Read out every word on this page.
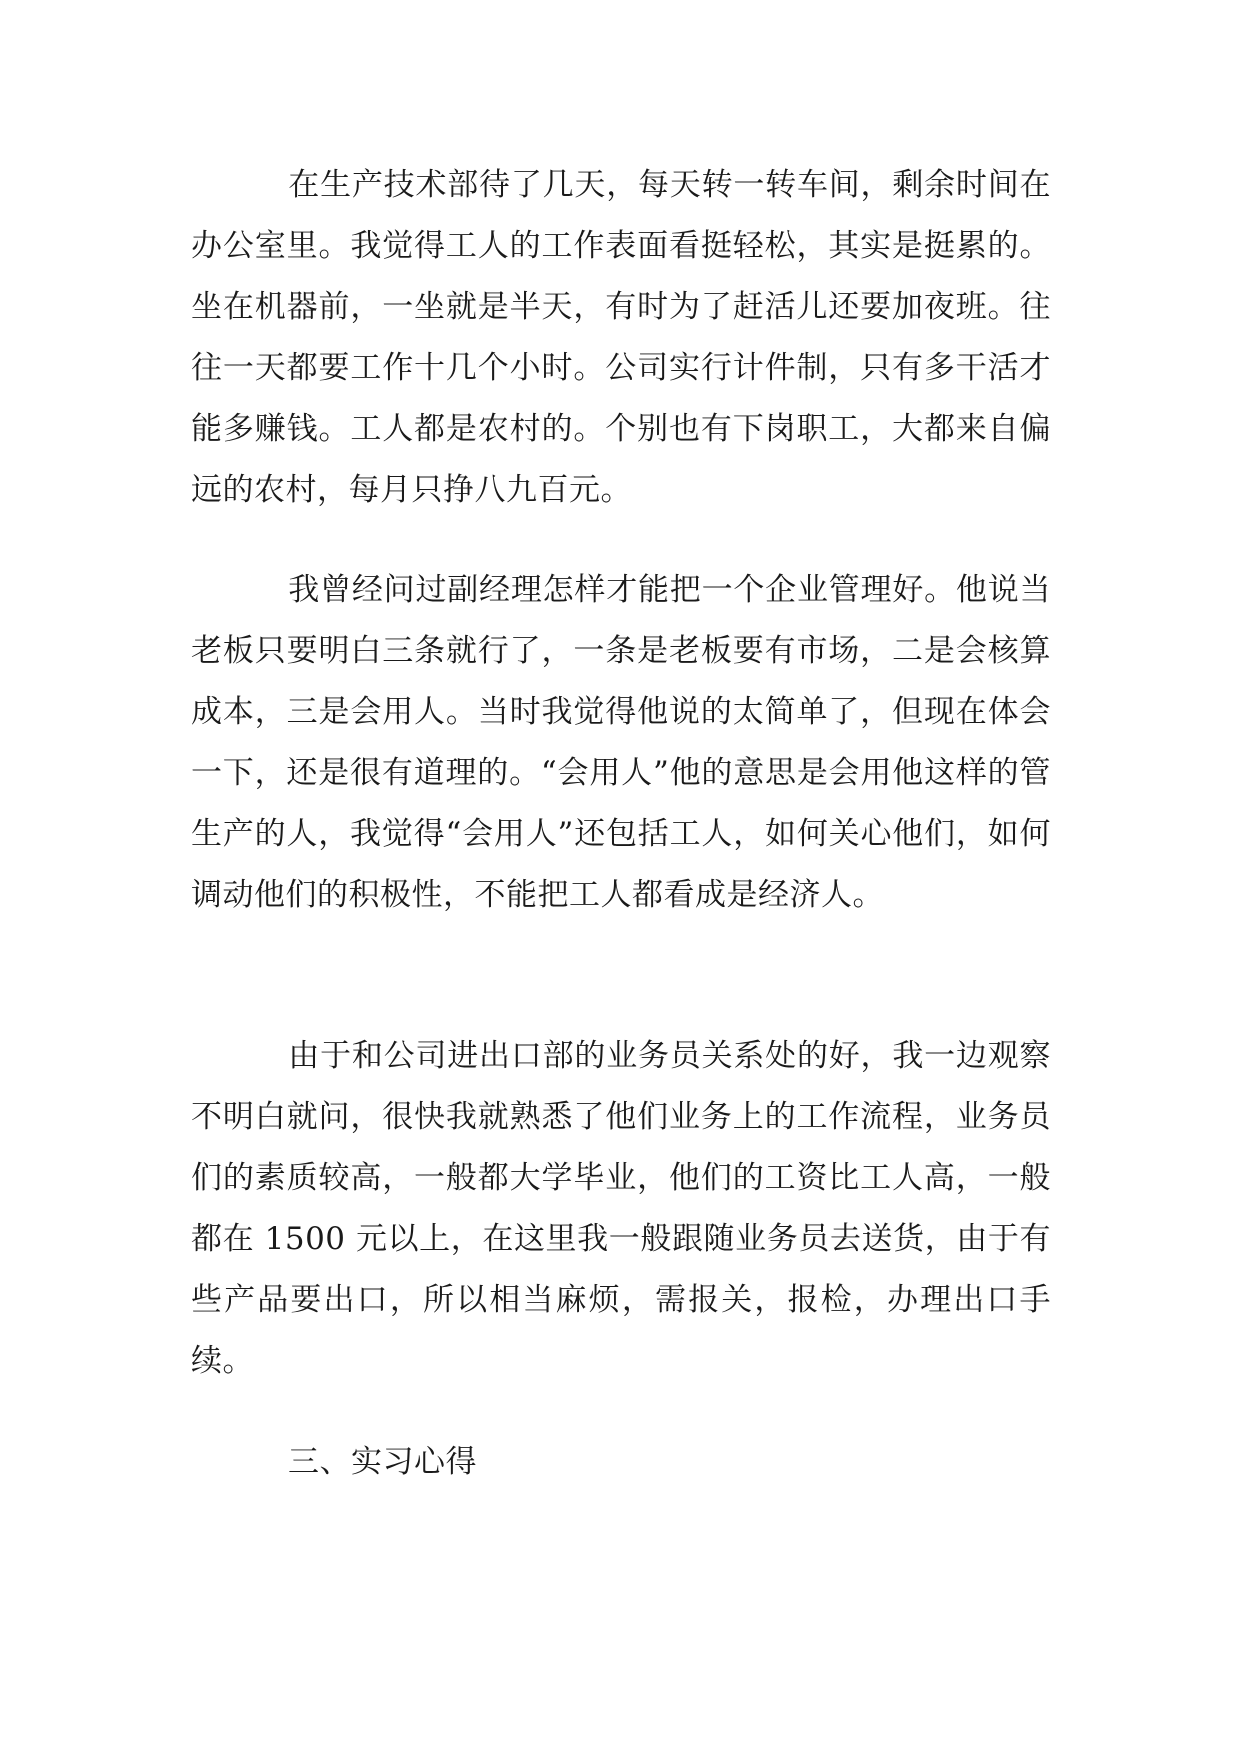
在生产技术部待了几天，每天转一转车间，剩余时间在办公室里。我觉得工人的工作表面看挺轻松，其实是挺累的。坐在机器前，一坐就是半天，有时为了赶活儿还要加夜班。往往一天都要工作十几个小时。公司实行计件制，只有多干活才能多赚钱。工人都是农村的。个别也有下岗职工，大都来自偏远的农村，每月只挣八九百元。

我曾经问过副经理怎样才能把一个企业管理好。他说当老板只要明白三条就行了，一条是老板要有市场，二是会核算成本，三是会用人。当时我觉得他说的太简单了，但现在体会一下，还是很有道理的。“会用人”他的意思是会用他这样的管生产的人，我觉得“会用人”还包括工人，如何关心他们，如何调动他们的积极性，不能把工人都看成是经济人。

由于和公司进出口部的业务员关系处的好，我一边观察不明白就问，很快我就熟悉了他们业务上的工作流程，业务员们的素质较高，一般都大学毕业，他们的工资比工人高，一般都在 1500 元以上，在这里我一般跟随业务员去送货，由于有些产品要出口，所以相当麻烦，需报关，报检，办理出口手续。

三、实习心得
